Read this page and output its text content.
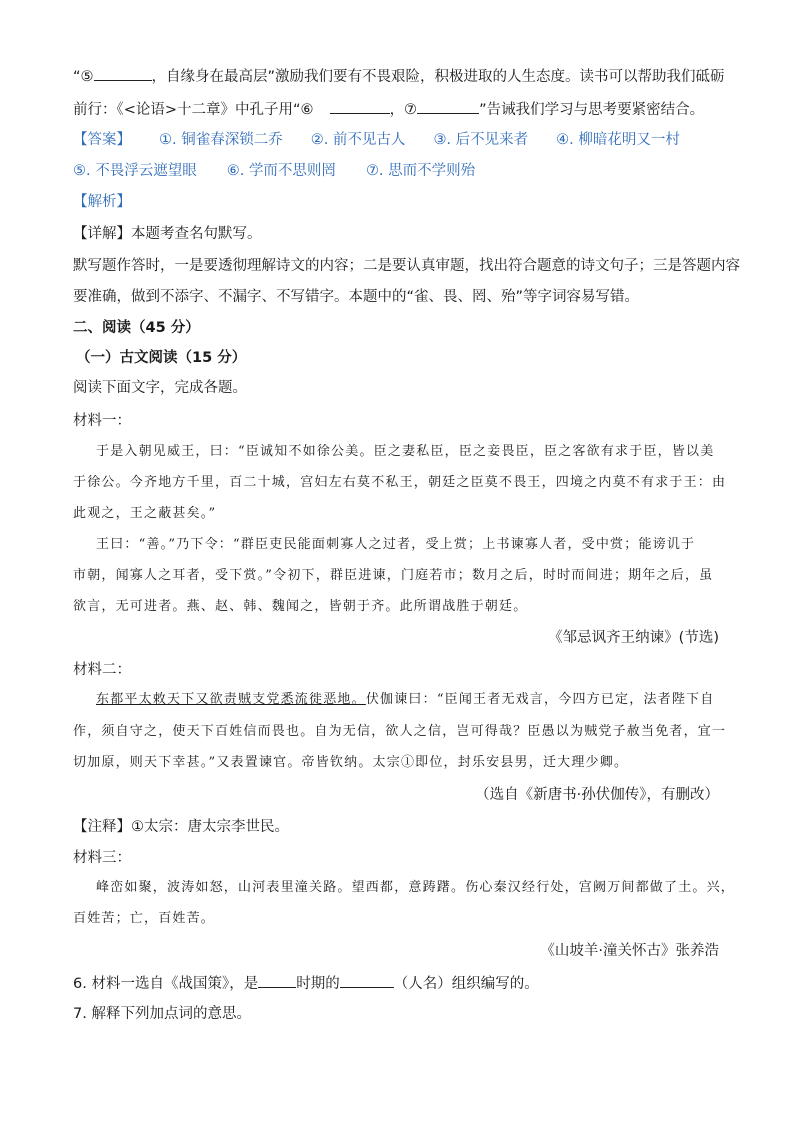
“⑤	，自缘身在最高层”激励我们要有不畏艰险，积极进取的人生态度。读书可以帮助我们砥砺
前行：《<论语>十二章》中孔子用“⑥	，⑦	”告诫我们学习与思考要紧密结合。
【答案】 ①. 铜雀春深锁二乔 ②. 前不见古人 ③. 后不见来者 ④. 柳暗花明又一村
⑤. 不畏浮云遮望眼 ⑥. 学而不思则罔 ⑦. 思而不学则殆
【解析】
【详解】本题考查名句默写。
默写题作答时，一是要透彻理解诗文的内容；二是要认真审题，找出符合题意的诗文句子；三是答题内容
要准确，做到不添字、不漏字、不写错字。本题中的“雀、畏、罔、殆”等字词容易写错。
二、阅读（45 分）
（一）古文阅读（15 分）
阅读下面文字，完成各题。
材料一：
于是入朝见威王，曰：“臣诚知不如徐公美。臣之妻私臣，臣之妾畏臣，臣之客欲有求于臣，皆以美
于徐公。今齐地方千里，百二十城，宫妇左右莫不私王，朝廷之臣莫不畏王，四境之内莫不有求于王：由
此观之，王之蔽甚矣。”
王曰：“善。”乃下令：“群臣吏民能面刺寡人之过者，受上赏；上书谏寡人者，受中赏；能谤讥于
市朝，闻寡人之耳者，受下赏。”令初下，群臣进谏，门庭若市；数月之后，时时而间进；期年之后，虽
欲言，无可进者。燕、赵、韩、魏闻之，皆朝于齐。此所谓战胜于朝廷。
《邹忌讽齐王纳谏》(节选)
材料二：
东都平太敕天下又欲责贼支党悉流徙恶地。伏伽谏曰：“臣闻王者无戏言，今四方已定，法者陛下自
作，须自守之，使天下百姓信而畏也。自为无信，欲人之信，岂可得哉？臣愚以为贼党子赦当免者，宜一
切加原，则天下幸甚。”又表置谏官。帝皆钦纳。太宗①即位，封乐安县男，迁大理少卿。
（选自《新唐书·孙伏伽传》，有删改）
【注释】①太宗：唐太宗李世民。
材料三：
峰峦如聚，波涛如怒，山河表里潼关路。望西都，意踌躇。伤心秦汉经行处，宫阙万间都做了土。兴，
百姓苦；亡，百姓苦。
《山坡羊·潼关怀古》张养浩
6. 材料一选自《战国策》，是	时期的	（人名）组织编写的。
7. 解释下列加点词的意思。
